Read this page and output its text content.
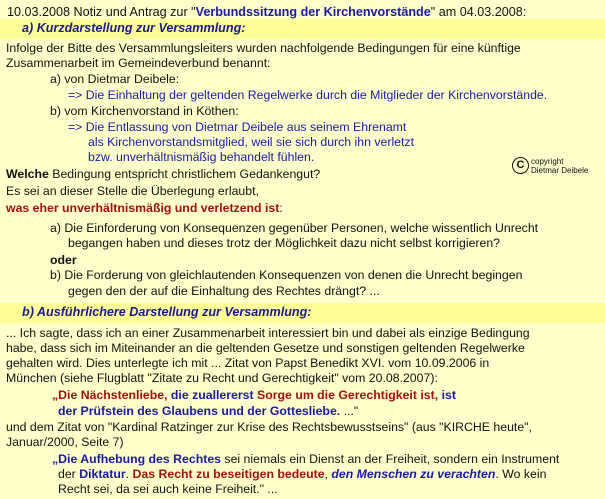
10.03.2008 Notiz und Antrag zur "Verbundssitzung der Kirchenvorstände" am 04.03.2008:
a) Kurzdarstellung zur Versammlung:
Infolge der Bitte des Versammlungsleiters wurden nachfolgende Bedingungen für eine künftige
Zusammenarbeit im Gemeindeverbund benannt:
a) von Dietmar Deibele:
=> Die Einhaltung der geltenden Regelwerke durch die Mitglieder der Kirchenvorstände.
b) vom Kirchenvorstand in Köthen:
=> Die Entlassung von Dietmar Deibele aus seinem Ehrenamt
als Kirchenvorstandsmitglied, weil sie sich durch ihn verletzt
bzw. unverhältnismäßig behandelt fühlen.
C copyright
Dietmar Deibele
Welche Bedingung entspricht christlichem Gedankengut?
Es sei an dieser Stelle die Überlegung erlaubt,
was eher unverhältnismäßig und verletzend ist:
a) Die Einforderung von Konsequenzen gegenüber Personen, welche wissentlich Unrecht
begangen haben und dieses trotz der Möglichkeit dazu nicht selbst korrigieren?
oder
b) Die Forderung von gleichlautenden Konsequenzen von denen die Unrecht begingen
gegen den der auf die Einhaltung des Rechtes drängt? ...
b) Ausführlichere Darstellung zur Versammlung:
... Ich sagte, dass ich an einer Zusammenarbeit interessiert bin und dabei als einzige Bedingung
habe, dass sich im Miteinander an die geltenden Gesetze und sonstigen geltenden Regelwerke
gehalten wird. Dies unterlegte ich mit ... Zitat von Papst Benedikt XVI. vom 10.09.2006 in
München (siehe Flugblatt "Zitate zu Recht und Gerechtigkeit" vom 20.08.2007):
„Die Nächstenliebe, die zuallererst Sorge um die Gerechtigkeit ist, ist
der Prüfstein des Glaubens und der Gottesliebe. ..."
und dem Zitat von "Kardinal Ratzinger zur Krise des Rechtsbewusstseins" (aus "KIRCHE heute",
Januar/2000, Seite 7)
„Die Aufhebung des Rechtes sei niemals ein Dienst an der Freiheit, sondern ein Instrument
der Diktatur. Das Recht zu beseitigen bedeute, den Menschen zu verachten. Wo kein
Recht sei, da sei auch keine Freiheit." ...
